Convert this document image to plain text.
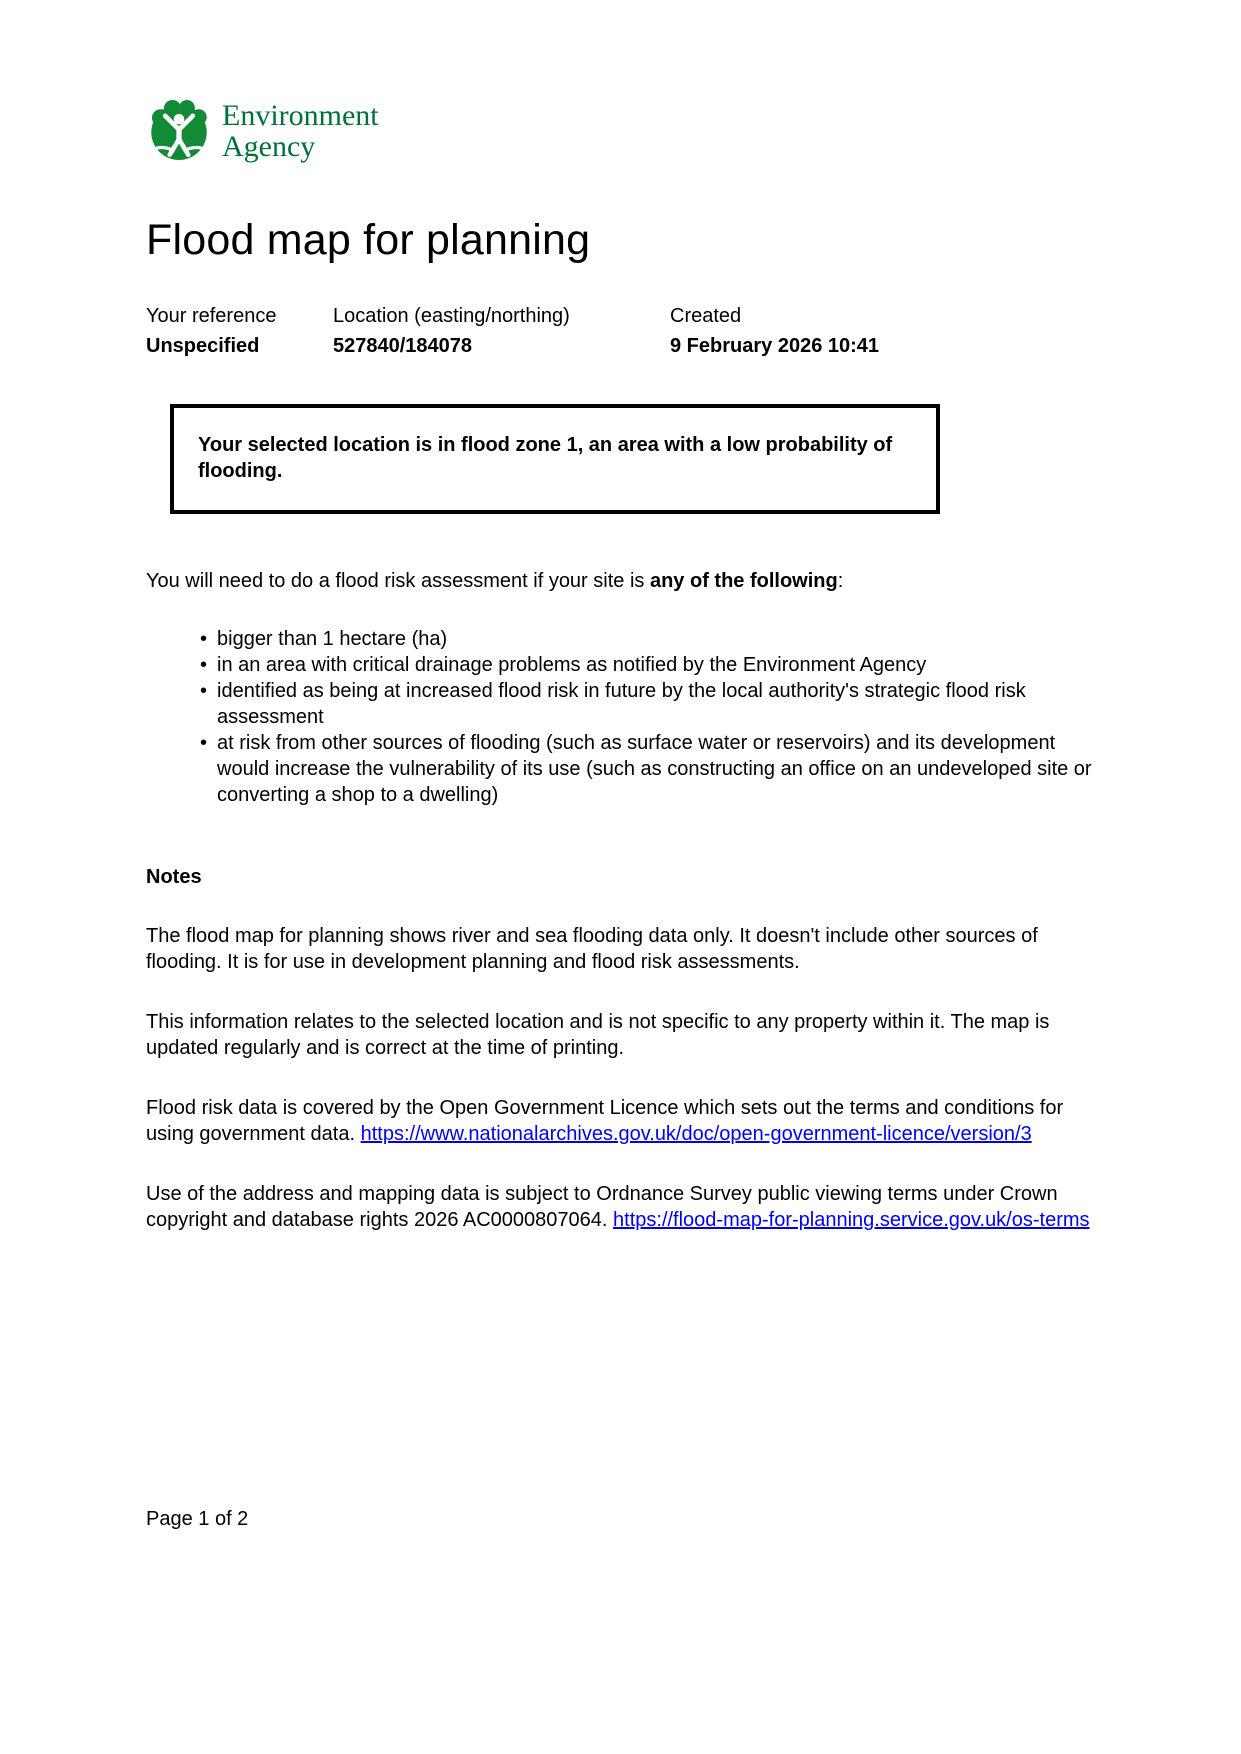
Environment
Agency
Flood map for planning
Your reference
Unspecified
Location (easting/northing)
527840/184078
Created
9 February 2026 10:41

Your selected location is in flood zone 1, an area with a low probability of flooding.

You will need to do a flood risk assessment if your site is any of the following:

• bigger than 1 hectare (ha)
• in an area with critical drainage problems as notified by the Environment Agency
• identified as being at increased flood risk in future by the local authority's strategic flood risk assessment
• at risk from other sources of flooding (such as surface water or reservoirs) and its development would increase the vulnerability of its use (such as constructing an office on an undeveloped site or converting a shop to a dwelling)
Notes

The flood map for planning shows river and sea flooding data only. It doesn't include other sources of flooding. It is for use in development planning and flood risk assessments.

This information relates to the selected location and is not specific to any property within it. The map is updated regularly and is correct at the time of printing.

Flood risk data is covered by the Open Government Licence which sets out the terms and conditions for using government data. https://www.nationalarchives.gov.uk/doc/open-government-licence/version/3

Use of the address and mapping data is subject to Ordnance Survey public viewing terms under Crown copyright and database rights 2026 AC0000807064. https://flood-map-for-planning.service.gov.uk/os-terms

Page 1 of 2
